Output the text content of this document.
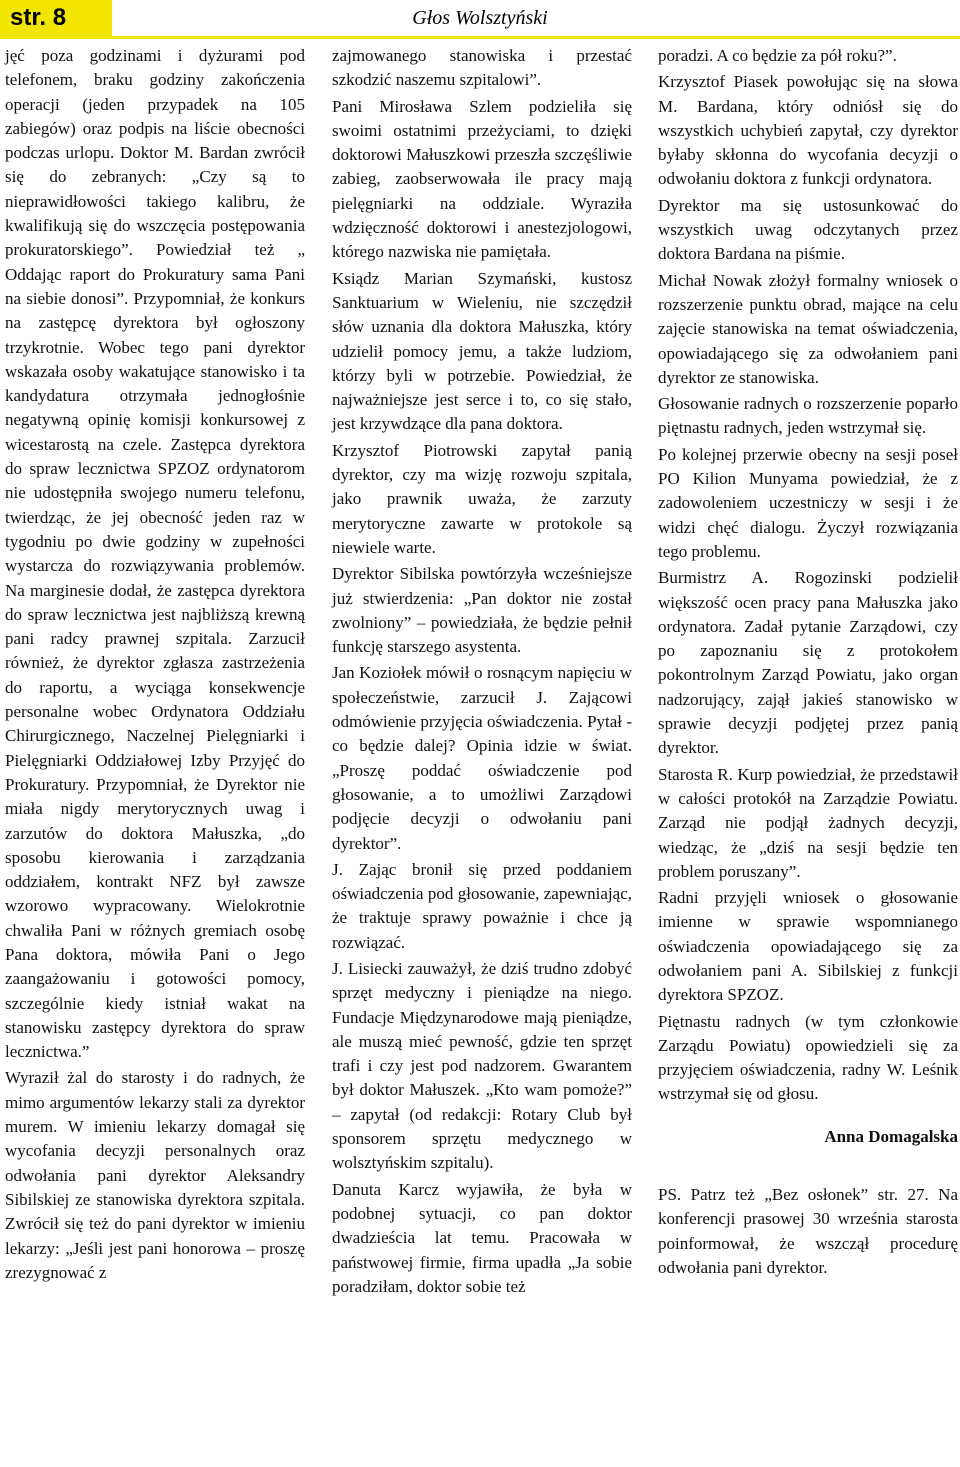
str. 8	Głos Wolsztyński

jęć poza godzinami i dyżurami pod telefonem, braku godziny zakończenia operacji (jeden przypadek na 105 zabiegów) oraz podpis na liście obecności podczas urlopu. Doktor M. Bardan zwrócił się do zebranych: „Czy są to nieprawidłowości takiego kalibru, że kwalifikują się do wszczęcia postępowania prokuratorskiego”. Powiedział też „ Oddając raport do Prokuratury sama Pani na siebie donosi”. Przypomniał, że konkurs na zastępcę dyrektora był ogłoszony trzykrotnie. Wobec tego pani dyrektor wskazała osoby wakatujące stanowisko i ta kandydatura otrzymała jednogłośnie negatywną opinię komisji konkursowej z wicestarostą na czele. Zastępca dyrektora do spraw lecznictwa SPZOZ ordynatorom nie udostępniła swojego numeru telefonu, twierdząc, że jej obecność jeden raz w tygodniu po dwie godziny w zupełności wystarcza do rozwiązywania problemów. Na marginesie dodał, że zastępca dyrektora do spraw lecznictwa jest najbliższą krewną pani radcy prawnej szpitala. Zarzucił również, że dyrektor zgłasza zastrzeżenia do raportu, a wyciąga konsekwencje personalne wobec Ordynatora Oddziału Chirurgicznego, Naczelnej Pielęgniarki i Pielęgniarki Oddziałowej Izby Przyjęć do Prokuratury. Przypomniał, że Dyrektor nie miała nigdy merytorycznych uwag i zarzutów do doktora Małuszka, „do sposobu kierowania i zarządzania oddziałem, kontrakt NFZ był zawsze wzorowo wypracowany. Wielokrotnie chwaliła Pani w różnych gremiach osobę Pana doktora, mówiła Pani o Jego zaangażowaniu i gotowości pomocy, szczególnie kiedy istniał wakat na stanowisku zastępcy dyrektora do spraw lecznictwa.”

Wyraził żal do starosty i do radnych, że mimo argumentów lekarzy stali za dyrektor murem. W imieniu lekarzy domagał się wycofania decyzji personalnych oraz odwołania pani dyrektor Aleksandry Sibilskiej ze stanowiska dyrektora szpitala. Zwrócił się też do pani dyrektor w imieniu lekarzy: „Jeśli jest pani honorowa – proszę zrezygnować z

zajmowanego stanowiska i przestać szkodzić naszemu szpitalowi”.

Pani Mirosława Szlem podzieliła się swoimi ostatnimi przeżyciami, to dzięki doktorowi Małuszkowi przeszła szczęśliwie zabieg, zaobserwowała ile pracy mają pielęgniarki na oddziale. Wyraziła wdzięczność doktorowi i anestezjologowi, którego nazwiska nie pamiętała.

Ksiądz Marian Szymański, kustosz Sanktuarium w Wieleniu, nie szczędził słów uznania dla doktora Małuszka, który udzielił pomocy jemu, a także ludziom, którzy byli w potrzebie. Powiedział, że najważniejsze jest serce i to, co się stało, jest krzywdzące dla pana doktora.

Krzysztof Piotrowski zapytał panią dyrektor, czy ma wizję rozwoju szpitala, jako prawnik uważa, że zarzuty merytoryczne zawarte w protokole są niewiele warte.

Dyrektor Sibilska powtórzyła wcześniejsze już stwierdzenia: „Pan doktor nie został zwolniony” – powiedziała, że będzie pełnił funkcję starszego asystenta.

Jan Koziołek mówił o rosnącym napięciu w społeczeństwie, zarzucił J. Zającowi odmówienie przyjęcia oświadczenia. Pytał - co będzie dalej? Opinia idzie w świat. „Proszę poddać oświadczenie pod głosowanie, a to umożliwi Zarządowi podjęcie decyzji o odwołaniu pani dyrektor”.

J. Zając bronił się przed poddaniem oświadczenia pod głosowanie, zapewniając, że traktuje sprawy poważnie i chce ją rozwiązać.

J. Lisiecki zauważył, że dziś trudno zdobyć sprzęt medyczny i pieniądze na niego. Fundacje Międzynarodowe mają pieniądze, ale muszą mieć pewność, gdzie ten sprzęt trafi i czy jest pod nadzorem. Gwarantem był doktor Małuszek. „Kto wam pomoże?” – zapytał (od redakcji: Rotary Club był sponsorem sprzętu medycznego w wolsztyńskim szpitalu).

Danuta Karcz wyjawiła, że była w podobnej sytuacji, co pan doktor dwadzieścia lat temu. Pracowała w państwowej firmie, firma upadła „Ja sobie poradziłam, doktor sobie też

poradzi. A co będzie za pół roku?”.

Krzysztof Piasek powołując się na słowa M. Bardana, który odniósł się do wszystkich uchybień zapytał, czy dyrektor byłaby skłonna do wycofania decyzji o odwołaniu doktora z funkcji ordynatora.

Dyrektor ma się ustosunkować do wszystkich uwag odczytanych przez doktora Bardana na piśmie.

Michał Nowak złożył formalny wniosek o rozszerzenie punktu obrad, mające na celu zajęcie stanowiska na temat oświadczenia, opowiadającego się za odwołaniem pani dyrektor ze stanowiska.

Głosowanie radnych o rozszerzenie poparło piętnastu radnych, jeden wstrzymał się.

Po kolejnej przerwie obecny na sesji poseł PO Kilion Munyama powiedział, że z zadowoleniem uczestniczy w sesji i że widzi chęć dialogu. Życzył rozwiązania tego problemu.

Burmistrz A. Rogozinski podzielił większość ocen pracy pana Małuszka jako ordynatora. Zadał pytanie Zarządowi, czy po zapoznaniu się z protokołem pokontrolnym Zarząd Powiatu, jako organ nadzorujący, zajął jakieś stanowisko w sprawie decyzji podjętej przez panią dyrektor.

Starosta R. Kurp powiedział, że przedstawił w całości protokół na Zarządzie Powiatu. Zarząd nie podjął żadnych decyzji, wiedząc, że „dziś na sesji będzie ten problem poruszany”.

Radni przyjęli wniosek o głosowanie imienne w sprawie wspomnianego oświadczenia opowiadającego się za odwołaniem pani A. Sibilskiej z funkcji dyrektora SPZOZ.

Piętnastu radnych (w tym członkowie Zarządu Powiatu) opowiedzieli się za przyjęciem oświadczenia, radny W. Leśnik wstrzymał się od głosu.

Anna Domagalska

PS. Patrz też „Bez osłonek” str. 27. Na konferencji prasowej 30 września starosta poinformował, że wszczął procedurę odwołania pani dyrektor.
